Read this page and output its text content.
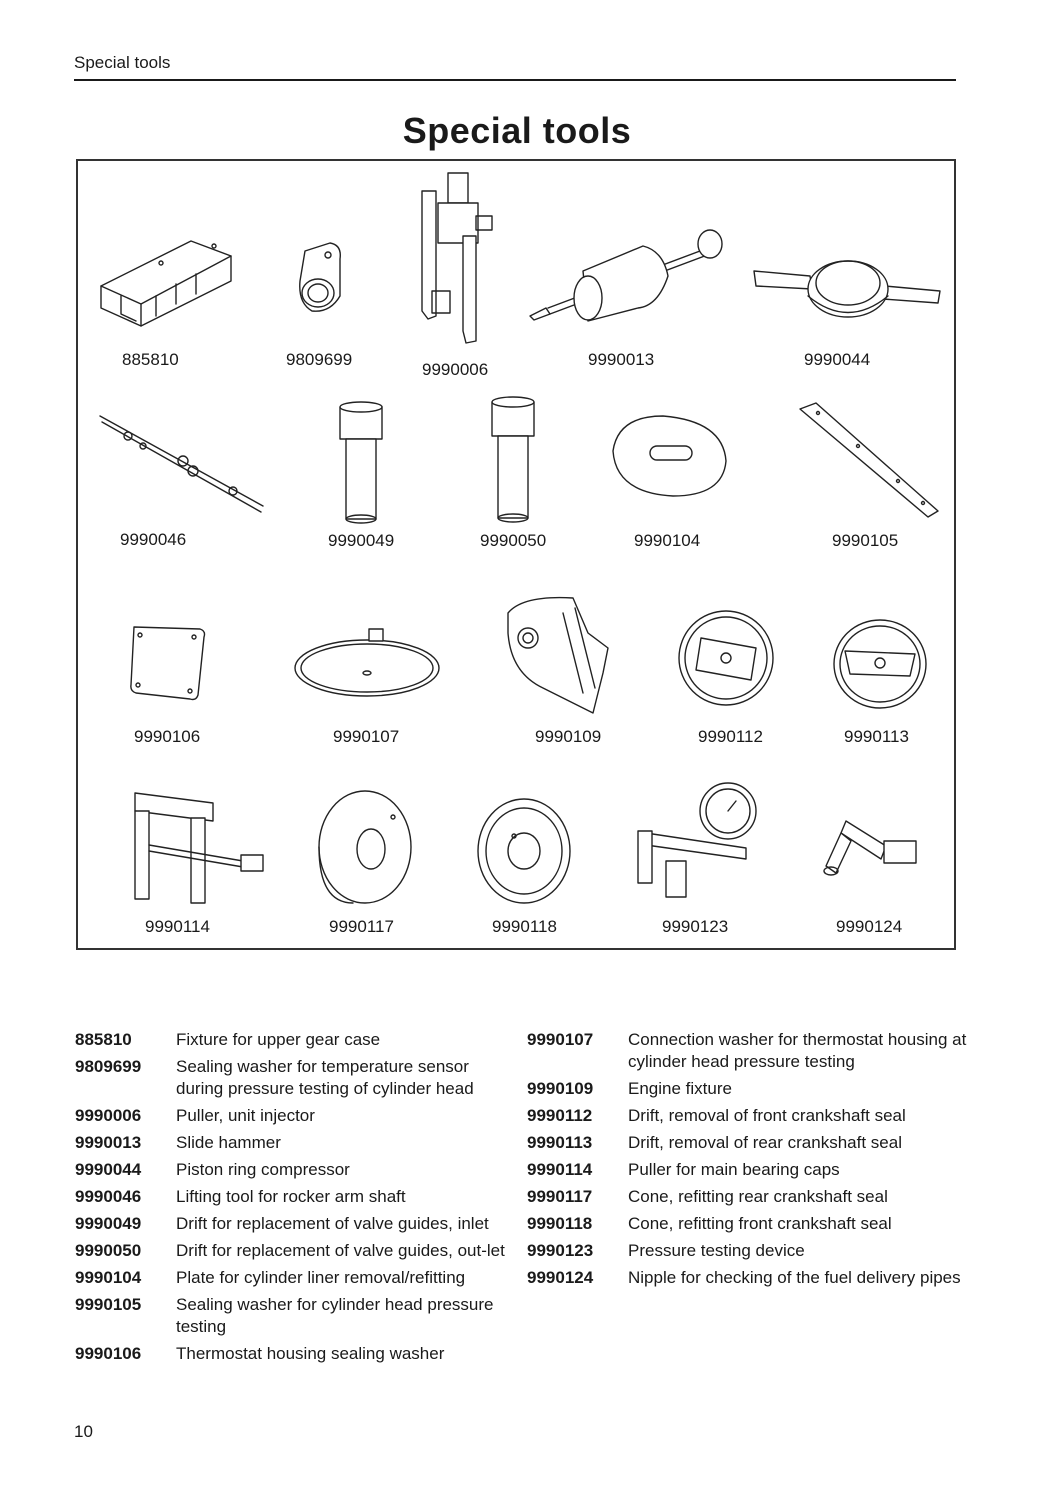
Special tools
Special tools
885810	9809699
9990006
9990013	9990044
9990046	9990049	9990050	9990104	9990105
9990106	9990107	9990109	9990112	9990113
9990114	9990117	9990118	9990123	9990124
885810	Fixture for upper gear case
9809699	Sealing washer for temperature sensor during pressure testing of cylinder head
9990006	Puller, unit injector
9990013	Slide hammer
9990044	Piston ring compressor
9990046	Lifting tool for rocker arm shaft
9990049	Drift for replacement of valve guides, inlet
9990050	Drift for replacement of valve guides, out-let
9990104	Plate for cylinder liner removal/refitting
9990105	Sealing washer for cylinder head pressure testing
9990106	Thermostat housing sealing washer
9990107	Connection washer for thermostat housing at cylinder head pressure testing
9990109	Engine fixture
9990112	Drift, removal of front crankshaft seal
9990113	Drift, removal of rear crankshaft seal
9990114	Puller for main bearing caps
9990117	Cone, refitting rear crankshaft seal
9990118	Cone, refitting front crankshaft seal
9990123	Pressure testing device
9990124	Nipple for checking of the fuel delivery pipes
10
